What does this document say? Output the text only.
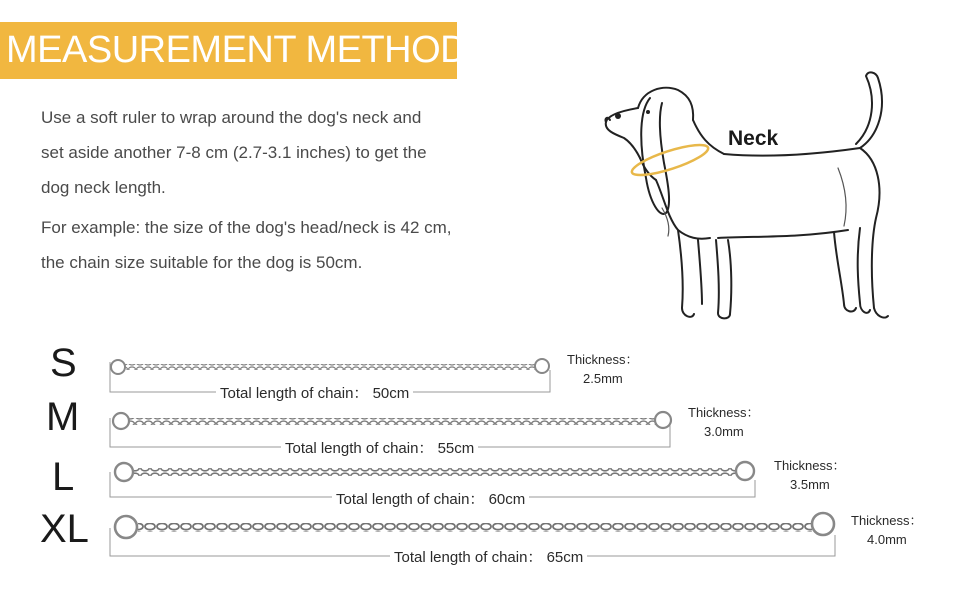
MEASUREMENT METHOD

Use a soft ruler to wrap around the dog's neck and
set aside another 7-8 cm (2.7-3.1 inches) to get the
dog neck length.

For example: the size of the dog's head/neck is 42 cm,
the chain size suitable for the dog is 50cm.

Neck
S
M
L
XL
Total length of chain： 50cm
Total length of chain： 55cm
Total length of chain： 60cm
Total length of chain： 65cm
Thickness：
2.5mm
Thickness：
3.0mm
Thickness：
3.5mm
Thickness：
4.0mm
